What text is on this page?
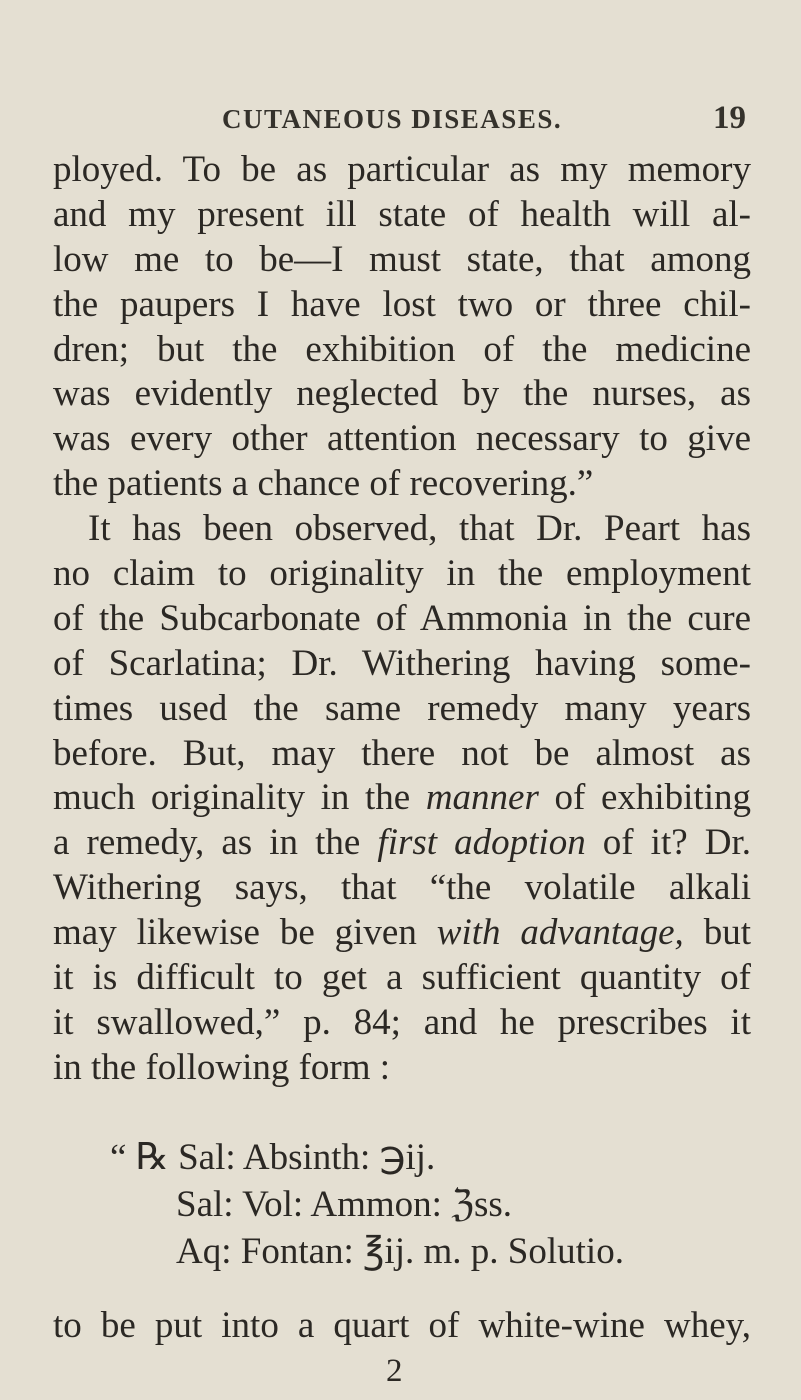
CUTANEOUS DISEASES.	19
ployed. To be as particular as my memory
and my present ill state of health will al-
low me to be—I must state, that among
the paupers I have lost two or three chil-
dren; but the exhibition of the medicine
was evidently neglected by the nurses, as
was every other attention necessary to give
the patients a chance of recovering.”
It has been observed, that Dr. Peart has
no claim to originality in the employment
of the Subcarbonate of Ammonia in the cure
of Scarlatina; Dr. Withering having some-
times used the same remedy many years
before. But, may there not be almost as
much originality in the manner of exhibiting
a remedy, as in the first adoption of it? Dr.
Withering says, that “the volatile alkali
may likewise be given with advantage, but
it is difficult to get a sufficient quantity of
it swallowed,” p. 84; and he prescribes it
in the following form :
“ ℞ Sal: Absinth: ℈ij.
Sal: Vol: Ammon: ℨss.
Aq: Fontan: ℥ij. m. p. Solutio.
to be put into a quart of white-wine whey,
2
